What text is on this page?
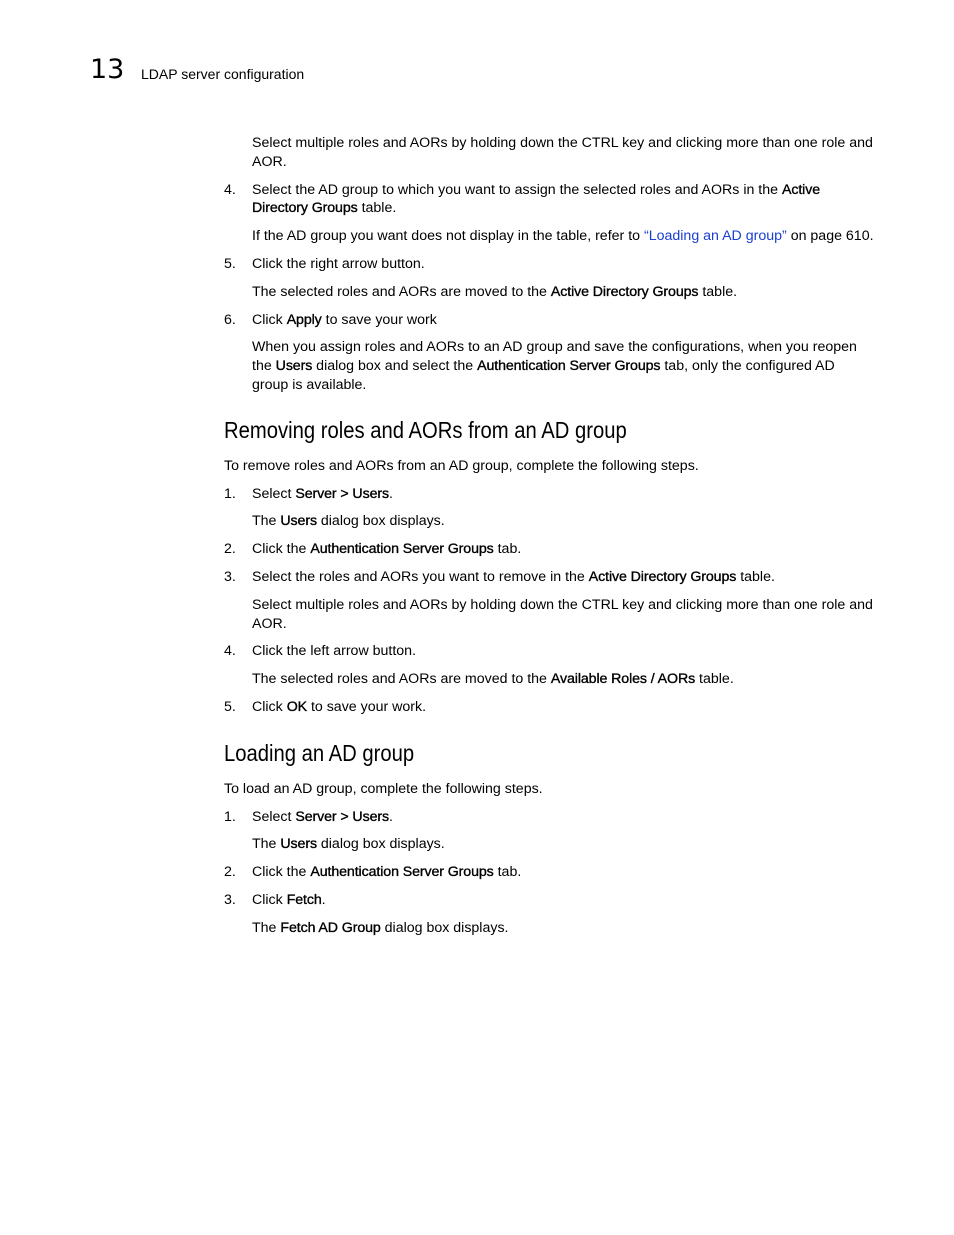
13 LDAP server configuration

Select multiple roles and AORs by holding down the CTRL key and clicking more than one role and AOR.

4. Select the AD group to which you want to assign the selected roles and AORs in the Active Directory Groups table.

If the AD group you want does not display in the table, refer to “Loading an AD group” on page 610.

5. Click the right arrow button.

The selected roles and AORs are moved to the Active Directory Groups table.

6. Click Apply to save your work

When you assign roles and AORs to an AD group and save the configurations, when you reopen the Users dialog box and select the Authentication Server Groups tab, only the configured AD group is available.

Removing roles and AORs from an AD group

To remove roles and AORs from an AD group, complete the following steps.

1. Select Server > Users.

The Users dialog box displays.

2. Click the Authentication Server Groups tab.
3. Select the roles and AORs you want to remove in the Active Directory Groups table.

Select multiple roles and AORs by holding down the CTRL key and clicking more than one role and AOR.

4. Click the left arrow button.

The selected roles and AORs are moved to the Available Roles / AORs table.

5. Click OK to save your work.
Loading an AD group

To load an AD group, complete the following steps.

1. Select Server > Users.

The Users dialog box displays.

2. Click the Authentication Server Groups tab.
3. Click Fetch.

The Fetch AD Group dialog box displays.
